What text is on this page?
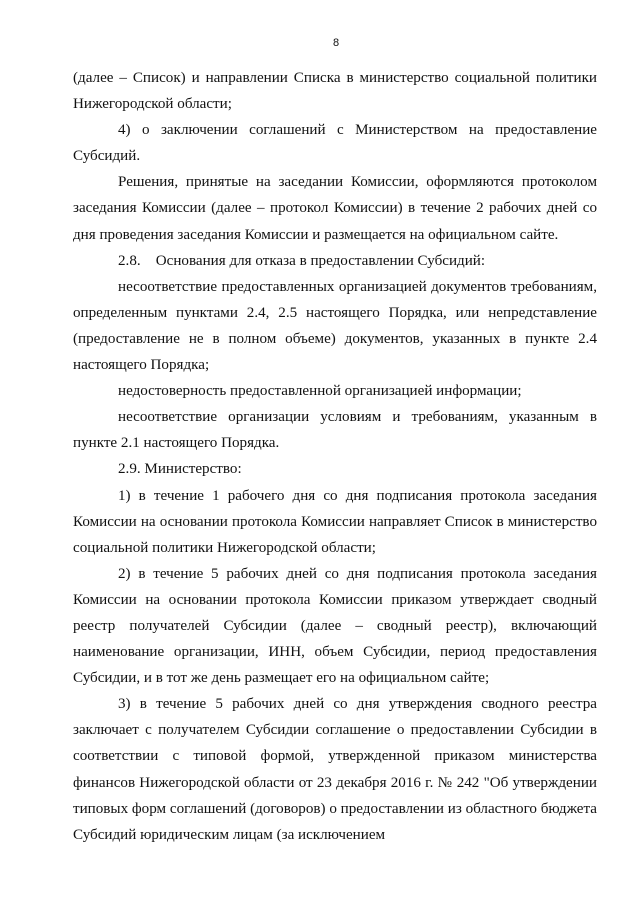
8

(далее – Список) и направлении Списка в министерство социальной политики Нижегородской области;

4) о заключении соглашений с Министерством на предоставление Субсидий.

Решения, принятые на заседании Комиссии, оформляются протоколом заседания Комиссии (далее – протокол Комиссии) в течение 2 рабочих дней со дня проведения заседания Комиссии и размещается на официальном сайте.

2.8.    Основания для отказа в предоставлении Субсидий:

несоответствие предоставленных организацией документов требованиям, определенным пунктами 2.4, 2.5 настоящего Порядка, или непредставление (предоставление не в полном объеме) документов, указанных в пункте 2.4 настоящего Порядка;

недостоверность предоставленной организацией информации;

несоответствие организации условиям и требованиям, указанным в пункте 2.1 настоящего Порядка.

2.9. Министерство:

1) в течение 1 рабочего дня со дня подписания протокола заседания Комиссии на основании протокола Комиссии направляет Список в министерство социальной политики Нижегородской области;

2) в течение 5 рабочих дней со дня подписания протокола заседания Комиссии на основании протокола Комиссии приказом утверждает сводный реестр получателей Субсидии (далее – сводный реестр), включающий наименование организации, ИНН, объем Субсидии, период предоставления Субсидии, и в тот же день размещает его на официальном сайте;

3) в течение 5 рабочих дней со дня утверждения сводного реестра заключает с получателем Субсидии соглашение о предоставлении Субсидии в соответствии с типовой формой, утвержденной приказом министерства финансов Нижегородской области от 23 декабря 2016 г. № 242 "Об утверждении типовых форм соглашений (договоров) о предоставлении из областного бюджета Субсидий юридическим лицам (за исключением
